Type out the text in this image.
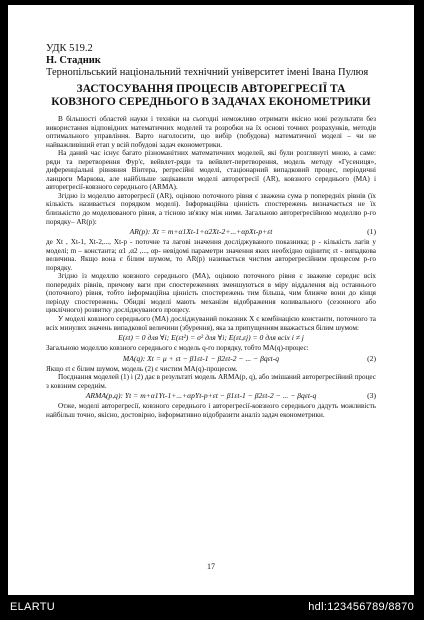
УДК 519.2
Н. Стадник
Тернопільський національний технічний університет імені Івана Пулюя
ЗАСТОСУВАННЯ ПРОЦЕСІВ АВТОРЕГРЕСІЇ ТА КОВЗНОГО СЕРЕДНЬОГО В ЗАДАЧАХ ЕКОНОМЕТРИКИ

В більшості областей науки і техніки на сьогодні неможливо отримати якісно нові результати без використання відповідних математичних моделей та розробки на їх основі точних розрахунків, методів оптимального управління. Варто наголосити, що вибір (побудова) математичної моделі – чи не найважливіший етап у всій побудові задач економетрики.

На даний час існує багато різноманітних математичних моделей, які були розглянуті мною, а саме: ряди та перетворення Фур'є, вейвлет-ряди та вейвлет-перетворення, модель методу «Гусениця», диференціальні рівняння Вінтера, регресійні моделі, стаціонарний випадковий процес, періодичні ланцюги Маркова, але найбільше зацікавили моделі авторегресії (AR), ковзного середнього (MA) і авторегресії-ковзного середнього (ARMA).

Згідно із моделлю авторегресії (AR), оцінюю поточного рівня є зважена сума p попередніх рівнів (їх кількість називається порядком моделі). Інформаційна цінність спостережень визначається не їх близькістю до моделюваного рівня, а тісною зв'язку між ними. Загальною авторегресійною моделлю p-го порядку– AR(p):

AR(p): Xt = m+α1Xt-1+α2Xt-2+...+αpXt-p+εt	(1)

де Xt , Xt-1, Xt-2,..., Xt-p - поточне та лагові значення досліджуваного показника; p - кількість лагів у моделі; m – константа; α1 ,α2 ,..., αp- невідомі параметри значення яких необхідно оцінити; εt - випадкова величина. Якщо вона є білим шумом, то AR(p) називається чистим авторегресійним процесом p-го порядку.

Згідно із моделлю ковзного середнього (MA), оцінюю поточного рівня є зважене середнє всіх попередніх рівнів, причому ваги при спостереженнях зменшуються в міру віддалення від останнього (поточного) рівня, тобто інформаційна цінність спостережень тим більша, чим ближче вони до кінця періоду спостережень. Обидві моделі мають механізм відображення коливального (сезонного або циклічного) розвитку досліджуваного процесу.

У моделі ковзного середнього (MA) досліджуваний показник X є комбінацією константи, поточного та всіх минулих значень випадкової величини (збурення), яка за припущенням вважається білим шумом:

E(εt) = 0 для ∀i; E(εt²) = σ² для ∀i; E(εt,εj) = 0 для всіх i ≠ j

Загальною моделлю ковзного середнього є модель q-го порядку, тобто MA(q)-процес:

MA(q): Xt = μ + εt − β1εt-1 − β2εt-2 − ... − βqεt-q	(2)

Якщо εt є білим шумом, модель (2) є чистим MA(q)-процесом.

Поєднання моделей (1) і (2) дає в результаті модель ARMA(p, q), або змішаний авторегресійний процес з ковзним середнім.

ARMA(p,q): Yt = m+α1Yt-1+...+αpYt-p+εt − β1εt-1 − β2εt-2 − ... − βqεt-q	(3)

Отже, моделі авторегресії, ковзного середнього і авторегресії-ковзного середнього дадуть можливість найбільш точно, якісно, достовірно, інформативно відобразити аналіз задач економетрики.

17
ELARTU	hdl:123456789/8870
